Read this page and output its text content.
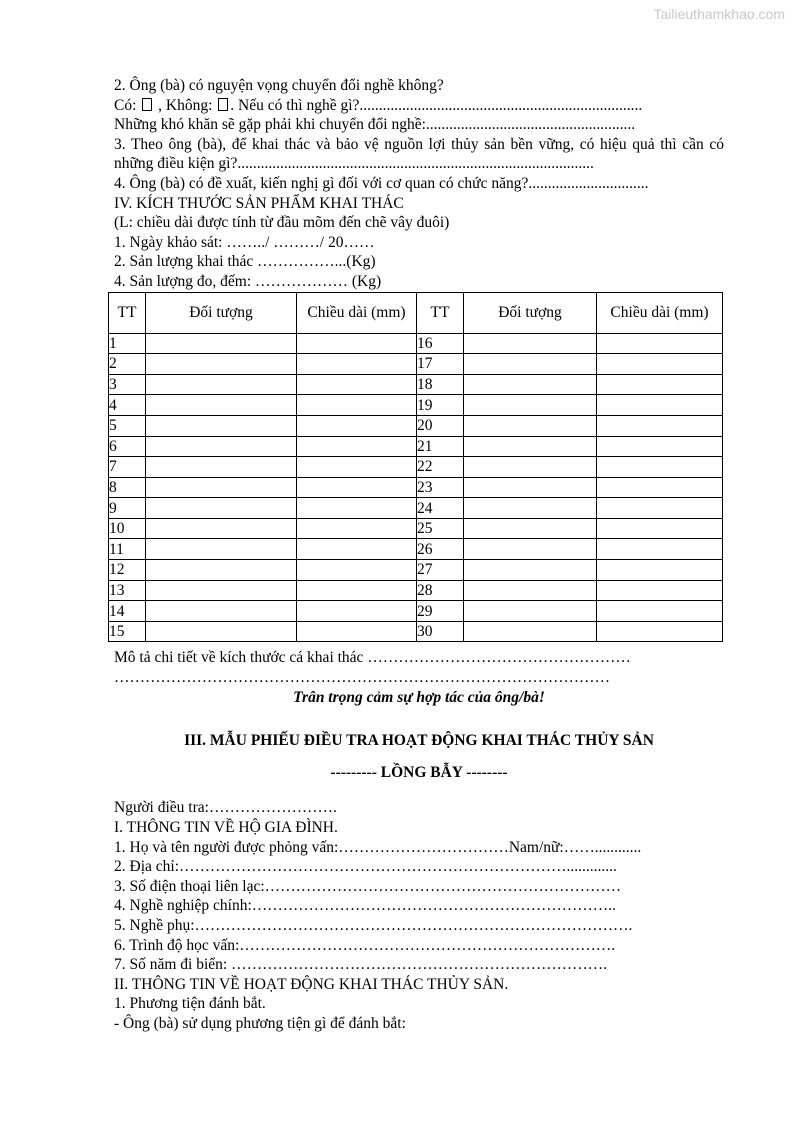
Tailieuthamkhao.com
2. Ông (bà) có nguyện vọng chuyển đổi nghề không?
Có:  , Không: . Nếu có thì nghề gì?.........................................................................
Những khó khăn sẽ gặp phải khi chuyển đổi nghề:......................................................
3. Theo ông (bà), để khai thác và bảo vệ nguồn lợi thủy sản bền vững, có hiệu quả thì cần có những điều kiện gì?............................................................................................
4. Ông (bà) có đề xuất, kiến nghị gì đối với cơ quan có chức năng?...............................
IV. KÍCH THƯỚC SẢN PHẨM KHAI THÁC
(L: chiều dài được tính từ đầu mõm đến chẽ vây đuôi)
1. Ngày khảo sát: ……../ ………/ 20……
2. Sản lượng khai thác ……………...(Kg)
4. Sản lượng đo, đếm: ……………… (Kg)
TT	Đối tượng	Chiều dài (mm)	TT	Đối tượng	Chiều dài (mm)
1			16		
2			17		
3			18		
4			19		
5			20		
6			21		
7			22		
8			23		
9			24		
10			25		
11			26		
12			27		
13			28		
14			29		
15			30		
Mô tả chi tiết về kích thước cá khai thác ……………………………………………
……………………………………………………………………………………
Trân trọng cảm sự hợp tác của ông/bà!
III. MẪU PHIẾU ĐIỀU TRA HOẠT ĐỘNG KHAI THÁC THỦY SẢN
--------- LỒNG BẪY --------
Người điều tra:…………………….
I. THÔNG TIN VỀ HỘ GIA ĐÌNH.
1. Họ và tên người được phỏng vấn:……………………………Nam/nữ:……............
2. Địa chỉ:………………………………………………………………….............
3. Số điện thoại liên lạc:……………………………………………………………
4. Nghề nghiệp chính:……………………………………………………………..
5. Nghề phụ:………………………………………………………………………….
6. Trình độ học vấn:……………………………………………………………….
7. Số năm đi biển: ……………………………………………………………….
II. THÔNG TIN VỀ HOẠT ĐỘNG KHAI THÁC THỦY SẢN.
1. Phương tiện đánh bắt.
- Ông (bà) sử dụng phương tiện gì để đánh bắt:
